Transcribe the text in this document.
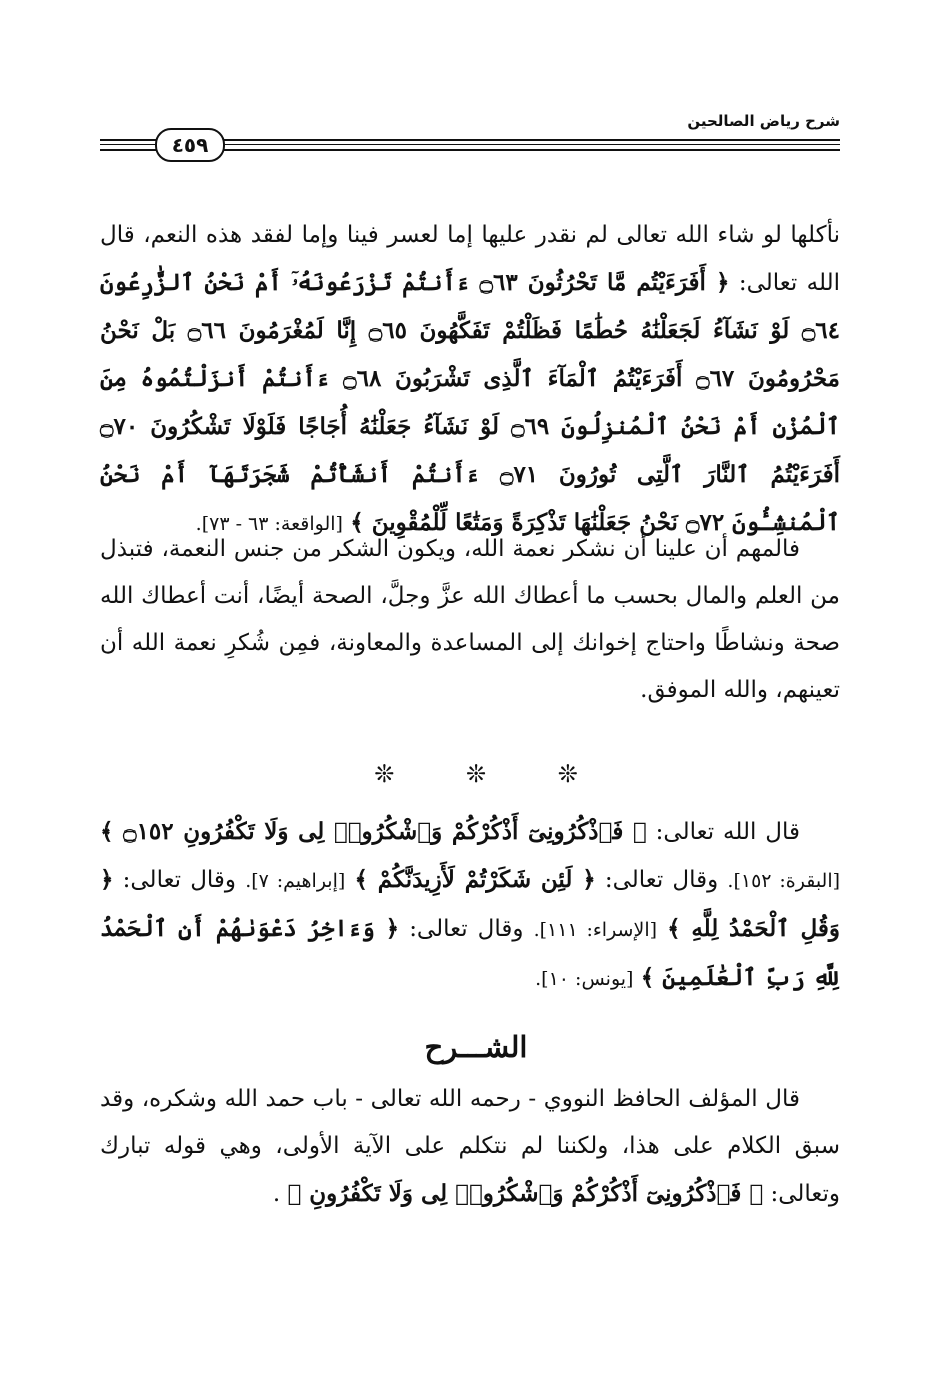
شرح رياض الصالحين
٤٥٩

نأكلها لو شاء الله تعالى لم نقدر عليها إما لعسر فينا وإما لفقد هذه النعم، قال الله تعالى: ﴿ أَفَرَءَيْتُم مَّا تَحْرُثُونَ ۝٦٣ ءَأَنتُمْ تَزْرَعُونَهُۥٓ أَمْ نَحْنُ ٱلزَّٰرِعُونَ ۝٦٤ لَوْ نَشَآءُ لَجَعَلْنَٰهُ حُطَٰمًا فَظَلْتُمْ تَفَكَّهُونَ ۝٦٥ إِنَّا لَمُغْرَمُونَ ۝٦٦ بَلْ نَحْنُ مَحْرُومُونَ ۝٦٧ أَفَرَءَيْتُمُ ٱلْمَآءَ ٱلَّذِى تَشْرَبُونَ ۝٦٨ ءَأَنتُمْ أَنزَلْتُمُوهُ مِنَ ٱلْمُزْنِ أَمْ نَحْنُ ٱلْمُنزِلُونَ ۝٦٩ لَوْ نَشَآءُ جَعَلْنَٰهُ أُجَاجًا فَلَوْلَا تَشْكُرُونَ ۝٧٠ أَفَرَءَيْتُمُ ٱلنَّارَ ٱلَّتِى تُورُونَ ۝٧١ ءَأَنتُمْ أَنشَأْتُمْ شَجَرَتَهَآ أَمْ نَحْنُ ٱلْمُنشِـُٔونَ ۝٧٢ نَحْنُ جَعَلْنَٰهَا تَذْكِرَةً وَمَتَٰعًا لِّلْمُقْوِينَ ﴾ [الواقعة: ٦٣ - ٧٣].

فالمهم أن علينا أن نشكر نعمة الله، ويكون الشكر من جنس النعمة، فتبذل من العلم والمال بحسب ما أعطاك الله عزَّ وجلَّ، الصحة أيضًا، أنت أعطاك الله صحة ونشاطًا واحتاج إخوانك إلى المساعدة والمعاونة، فمِن شُكرِ نعمة الله أن تعينهم، والله الموفق.

❊	❊	❊

قال الله تعالى: ﴿ فَٱذْكُرُونِىٓ أَذْكُرْكُمْ وَٱشْكُرُوا۟ لِى وَلَا تَكْفُرُونِ ۝١٥٢ ﴾ [البقرة: ١٥٢]. وقال تعالى: ﴿ لَئِن شَكَرْتُمْ لَأَزِيدَنَّكُمْ ﴾ [إبراهيم: ٧]. وقال تعالى: ﴿ وَقُلِ ٱلْحَمْدُ لِلَّهِ ﴾ [الإسراء: ١١١]. وقال تعالى: ﴿ وَءَاخِرُ دَعْوَىٰهُمْ أَنِ ٱلْحَمْدُ لِلَّهِ رَبِّ ٱلْعَٰلَمِينَ ﴾ [يونس: ١٠].

الشـــرح

قال المؤلف الحافظ النووي - رحمه الله تعالى - باب حمد الله وشكره، وقد سبق الكلام على هذا، ولكننا لم نتكلم على الآية الأولى، وهي قوله تبارك وتعالى: ﴿ فَٱذْكُرُونِىٓ أَذْكُرْكُمْ وَٱشْكُرُوا۟ لِى وَلَا تَكْفُرُونِ ﴾ .
